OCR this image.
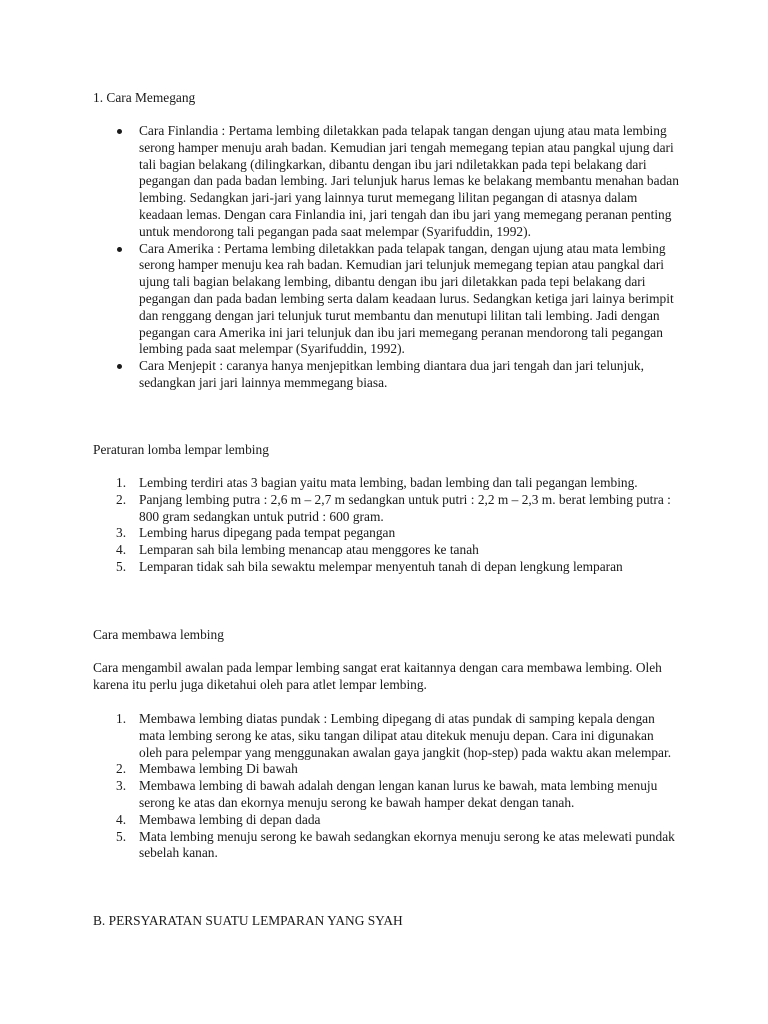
1. Cara Memegang

Cara Finlandia : Pertama lembing diletakkan pada telapak tangan dengan ujung atau mata lembing serong hamper menuju arah badan. Kemudian jari tengah memegang tepian atau pangkal ujung dari tali bagian belakang (dilingkarkan, dibantu dengan ibu jari ndiletakkan pada tepi belakang dari pegangan dan pada badan lembing. Jari telunjuk harus lemas ke belakang membantu menahan badan lembing. Sedangkan jari-jari yang lainnya turut memegang lilitan pegangan di atasnya dalam keadaan lemas. Dengan cara Finlandia ini, jari tengah dan ibu jari yang memegang peranan penting untuk mendorong tali pegangan pada saat melempar (Syarifuddin, 1992).
Cara Amerika : Pertama lembing diletakkan pada telapak tangan, dengan ujung atau mata lembing serong hamper menuju kea rah badan. Kemudian jari telunjuk memegang tepian atau pangkal dari ujung tali bagian belakang lembing, dibantu dengan ibu jari diletakkan pada tepi belakang dari pegangan dan pada badan lembing serta dalam keadaan lurus. Sedangkan ketiga jari lainya berimpit dan renggang dengan jari telunjuk turut membantu dan menutupi lilitan tali lembing. Jadi dengan pegangan cara Amerika ini jari telunjuk dan ibu jari memegang peranan mendorong tali pegangan lembing pada saat melempar (Syarifuddin, 1992).
Cara Menjepit : caranya hanya menjepitkan lembing diantara dua jari tengah dan jari telunjuk, sedangkan jari jari lainnya memmegang biasa.

Peraturan lomba lempar lembing

1. Lembing terdiri atas 3 bagian yaitu mata lembing, badan lembing dan tali pegangan lembing.
2. Panjang lembing putra : 2,6 m – 2,7 m sedangkan untuk putri : 2,2 m – 2,3 m. berat lembing putra : 800 gram sedangkan untuk putrid : 600 gram.
3. Lembing harus dipegang pada tempat pegangan
4. Lemparan sah bila lembing menancap atau menggores ke tanah
5. Lemparan tidak sah bila sewaktu melempar menyentuh tanah di depan lengkung lemparan

Cara membawa lembing

Cara mengambil awalan pada lempar lembing sangat erat kaitannya dengan cara membawa lembing. Oleh karena itu perlu juga diketahui oleh para atlet lempar lembing.

1. Membawa lembing diatas pundak : Lembing dipegang di atas pundak di samping kepala dengan mata lembing serong ke atas, siku tangan dilipat atau ditekuk menuju depan. Cara ini digunakan oleh para pelempar yang menggunakan awalan gaya jangkit (hop-step) pada waktu akan melempar.
2. Membawa lembing Di bawah
3. Membawa lembing di bawah adalah dengan lengan kanan lurus ke bawah, mata lembing menuju serong ke atas dan ekornya menuju serong ke bawah hamper dekat dengan tanah.
4. Membawa lembing di depan dada
5. Mata lembing menuju serong ke bawah sedangkan ekornya menuju serong ke atas melewati pundak sebelah kanan.

B. PERSYARATAN SUATU LEMPARAN YANG SYAH
